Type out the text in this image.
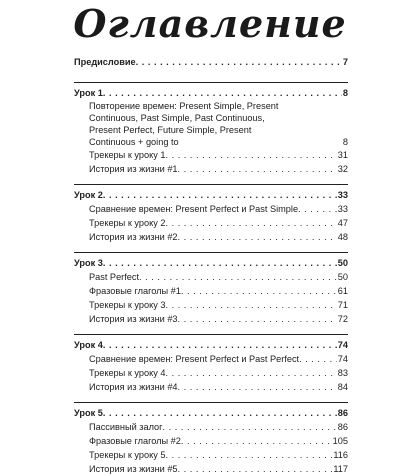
Оглавление
Предисловие . . .	7
Урок 1 . . .	8
Повторение времен: Present Simple, Present Continuous, Past Simple, Past Continuous, Present Perfect, Future Simple, Present Continuous + going to	8
Трекеры к уроку 1 . . .	31
История из жизни #1 . . .	32
Урок 2 . . .	33
Сравнение времен: Present Perfect и Past Simple . . .	33
Трекеры к уроку 2 . . .	47
История из жизни #2 . . .	48
Урок 3 . . .	50
Past Perfect . . .	50
Фразовые глаголы #1 . . .	61
Трекеры к уроку 3 . . .	71
История из жизни #3 . . .	72
Урок 4 . . .	74
Сравнение времен: Present Perfect и Past Perfect . . .	74
Трекеры к уроку 4 . . .	83
История из жизни #4 . . .	84
Урок 5 . . .	86
Пассивный залог . . .	86
Фразовые глаголы #2 . . .	105
Трекеры к уроку 5 . . .	116
История из жизни #5 . . .	117
